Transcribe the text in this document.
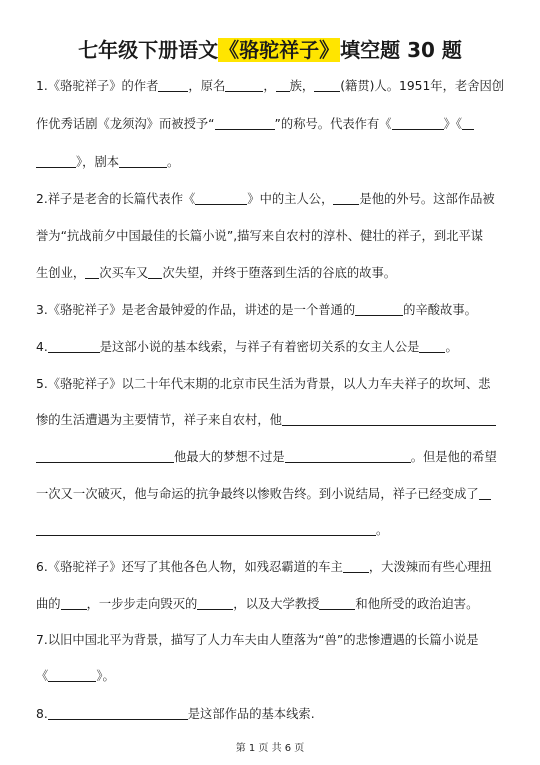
七年级下册语文《骆驼祥子》填空题 30 题
1.《骆驼祥子》的作者 ，原名	， 族， (籍贯)人。1951年，老舍因创
作优秀话剧《龙须沟》而被授予“	”的称号。代表作有《	》《
》，剧本	。
2.祥子是老舍的长篇代表作《	》中的主人公， 是他的外号。这部作品被
誉为“抗战前夕中国最佳的长篇小说”,描写来自农村的淳朴、健壮的祥子，到北平谋
生创业， 次买车又 次失望，并终于堕落到生活的谷底的故事。
3.《骆驼祥子》是老舍最钟爱的作品，讲述的是一个普通的	的辛酸故事。
4.	是这部小说的基本线索，与祥子有着密切关系的女主人公是 。
5.《骆驼祥子》以二十年代末期的北京市民生活为背景，以人力车夫祥子的坎坷、悲
惨的生活遭遇为主要情节，祥子来自农村，他
他最大的梦想不过是	。但是他的希望
一次又一次破灭，他与命运的抗争最终以惨败告终。到小说结局，祥子已经变成了
。
6.《骆驼祥子》还写了其他各色人物，如残忍霸道的车主 ，大泼辣而有些心理扭
曲的 ，一步步走向毁灭的	，以及大学教授	和他所受的政治迫害。
7.以旧中国北平为背景，描写了人力车夫由人堕落为“兽”的悲惨遭遇的长篇小说是
《	》。
8.	是这部作品的基本线索.
第 1 页 共 6 页
